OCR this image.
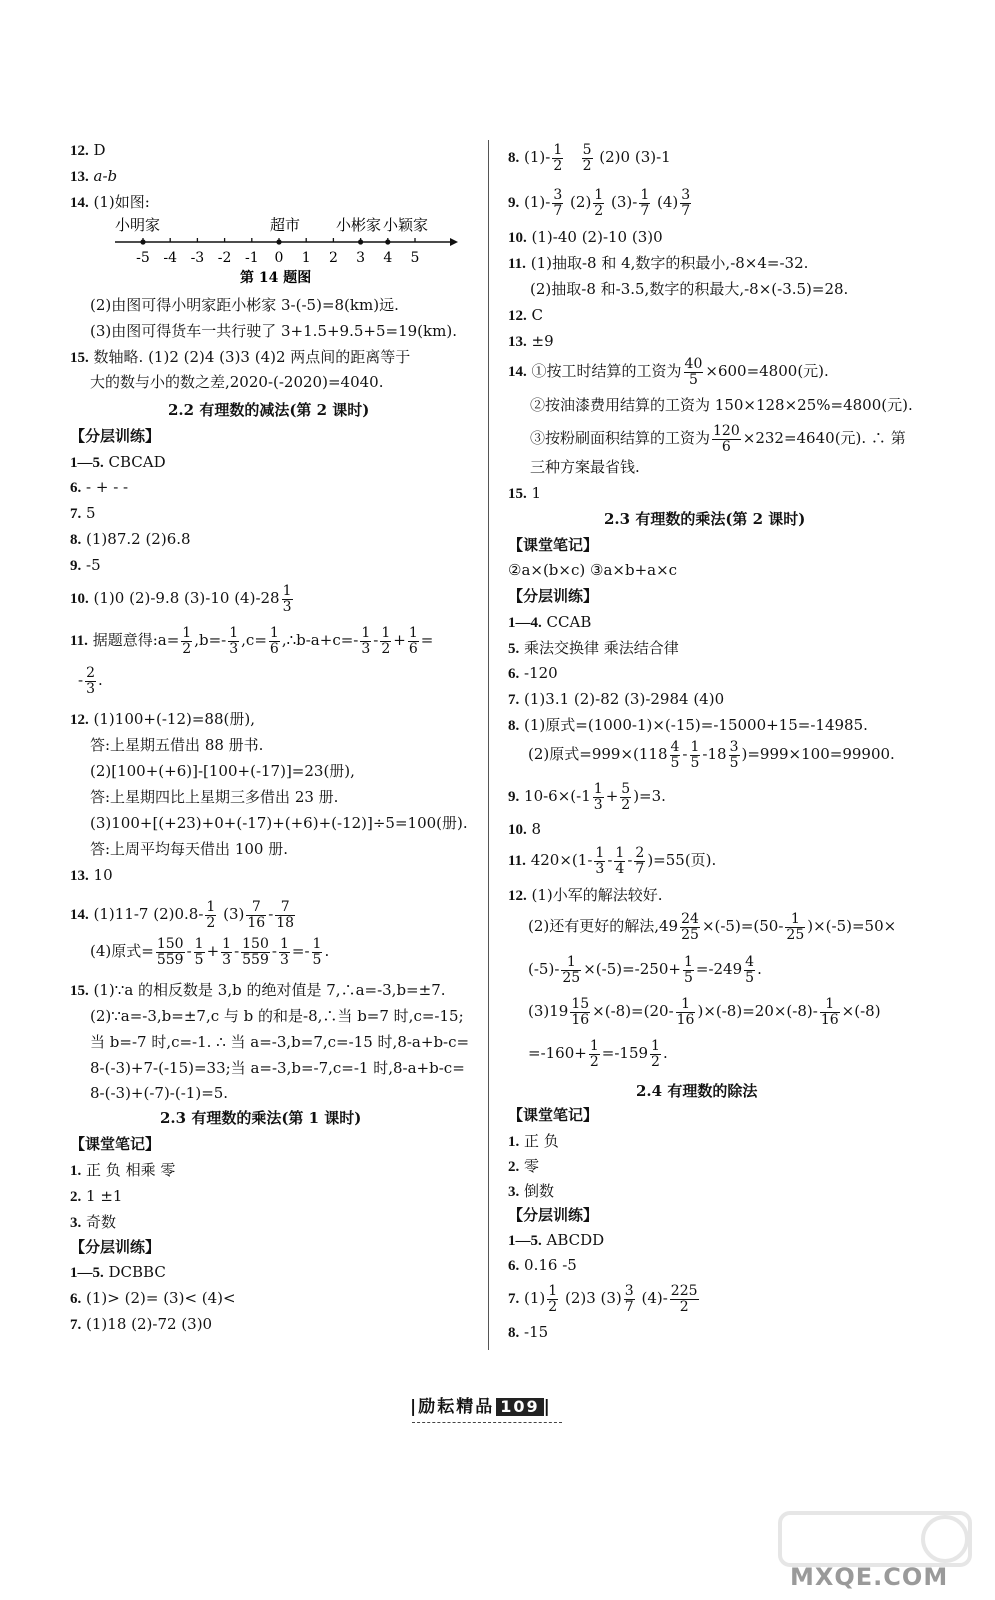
12. D
13. a-b
14. (1)如图:
小明家	超市 小彬家 小颖家
-5 -4 -3 -2 -1 0 1 2 3 4 5
第 14 题图
(2)由图可得小明家距小彬家 3-(-5)=8(km)远.
(3)由图可得货车一共行驶了 3+1.5+9.5+5=19(km).
15. 数轴略. (1)2 (2)4 (3)3 (4)2 两点间的距离等于
大的数与小的数之差,2020-(-2020)=4040.
2.2 有理数的减法(第 2 课时)
【分层训练】
1—5. CBCAD
6. - + - -
7. 5
8. (1)87.2 (2)6.8
9. -5
10. (1)0 (2)-9.8 (3)-10 $(4)-28 \frac{1}{3}$
11. 据题意得:a= $\frac{1}{2} ,b=- \frac{1}{3} ,c= \frac{1}{6}$ ,∴b-a+c=- $\frac{1}{3} - \frac{1}{2} + \frac{1}{6}$ =
- $\frac{2}{3}$ .
12. (1)100+(-12)=88(册),
答:上星期五借出 88 册书.
(2)[100+(+6)]-[100+(-17)]=23(册),
答:上星期四比上星期三多借出 23 册.
(3)100+[(+23)+0+(-17)+(+6)+(-12)]÷5=100(册).
答:上周平均每天借出 100 册.
13. 10
14. (1)11-7 $(2)0.8- \frac{1}{2} (3) \frac{7}{16} - \frac{7}{18}$
(4)原式= $\frac{150}{559} - \frac{1}{5} + \frac{1}{3} - \frac{150}{559} - \frac{1}{3} =- \frac{1}{5}$ .
15. (1)∵a 的相反数是 3,b 的绝对值是 7,∴a=-3,b=±7.
(2)∵a=-3,b=±7,c 与 b 的和是-8,∴当 b=7 时,c=-15;
当 b=-7 时,c=-1. ∴ 当 a=-3,b=7,c=-15 时,8-a+b-c=
8-(-3)+7-(-15)=33;当 a=-3,b=-7,c=-1 时,8-a+b-c=
8-(-3)+(-7)-(-1)=5.
2.3 有理数的乘法(第 1 课时)
【课堂笔记】
1. 正 负 相乘 零
2. 1 ±1
3. 奇数
【分层训练】
1—5. DCBBC
6. (1)> (2)= (3)< (4)<
7. (1)18 (2)-72 (3)0
8. $(1)- \frac{1}{2}$
$\frac{5}{2} (2)0$ (3)-1
9. $(1)- \frac{3}{7} (2) \frac{1}{2} (3)- \frac{1}{7} (4) \frac{3}{7}$
10. (1)-40 (2)-10 (3)0
11. (1)抽取-8 和 4,数字的积最小,-8×4=-32.
(2)抽取-8 和-3.5,数字的积最大,-8×(-3.5)=28.
12. C
13. ±9
14. ①按工时结算的工资为 $\frac{40}{5} \times 600=4800$(元).
②按油漆费用结算的工资为 150×128×25%=4800(元).
③按粉刷面积结算的工资为 $\frac{120}{6} \times 232=4640$(元). ∴ 第
三种方案最省钱.
15. 1
2.3 有理数的乘法(第 2 课时)
【课堂笔记】
②a×(b×c) ③a×b+a×c
【分层训练】
1—4. CCAB
5. 乘法交换律 乘法结合律
6. -120
7. (1)3.1 (2)-82 (3)-2984 (4)0
8. (1)原式=(1000-1)×(-15)=-15000+15=-14985.
(2)原式$=999\times(118 \frac{4}{5} - \frac{1}{5} -18 \frac{3}{5} )=999\times 100=99900$.
9. $10-6\times(-1 \frac{1}{3} + \frac{5}{2} )=3$.
10. 8
11. $420\times(1- \frac{1}{3} - \frac{1}{4} - \frac{2}{7} )=55$(页).
12. (1)小军的解法较好.
(2)还有更好的解法$,49 \frac{24}{25} \times(-5)=(50- \frac{1}{25} )\times(-5)=50\times$
$(-5)- \frac{1}{25} \times(-5)=-250+ \frac{1}{5} =-249 \frac{4}{5}$ .
$(3)19 \frac{15}{16} \times(-8)=(20- \frac{1}{16} )\times(-8)=20\times(-8)- \frac{1}{16} \times(-8)$
$=-160+ \frac{1}{2} =-159 \frac{1}{2}$ .
2.4 有理数的除法
【课堂笔记】
1. 正 负
2. 零
3. 倒数
【分层训练】
1—5. ABCDD
6. 0.16 -5
7. $(1) \frac{1}{2} (2)3$ $(3) \frac{3}{7} (4)- \frac{225}{2}$
8. -15
|励耘精品 109 |
MXQE.COM
